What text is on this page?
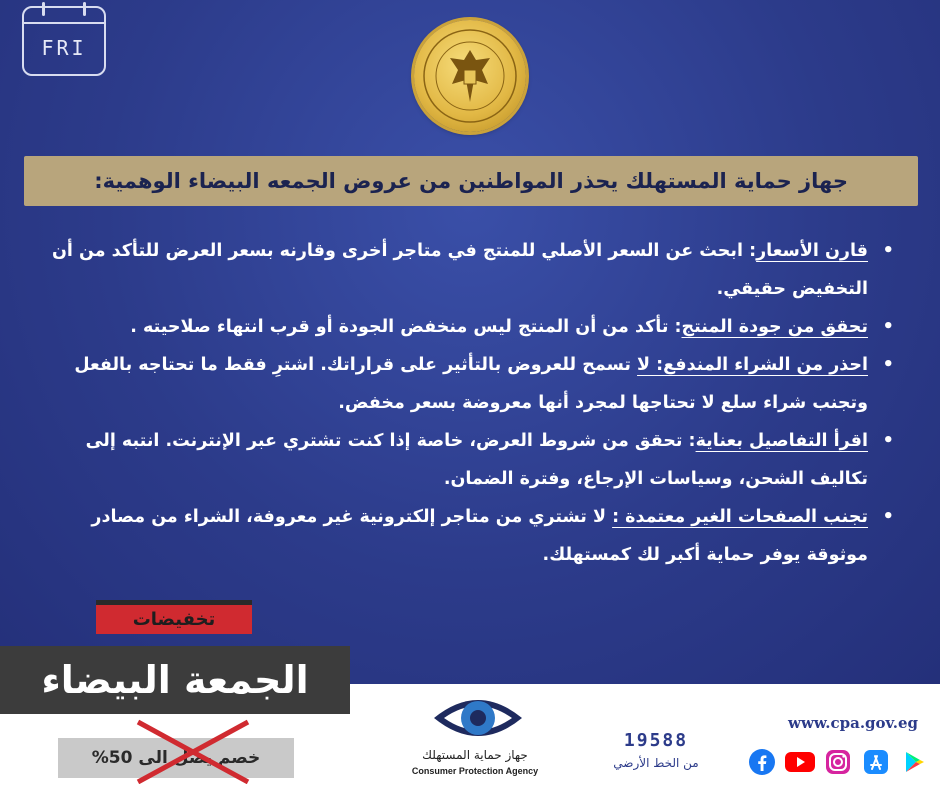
FRI
جهاز حماية المستهلك يحذر المواطنين من عروض الجمعه البيضاء الوهمية:
• قارن الأسعار: ابحث عن السعر الأصلي للمنتج في متاجر أخرى وقارنه بسعر العرض للتأكد من أن التخفيض حقيقي.
• تحقق من جودة المنتج: تأكد من أن المنتج ليس منخفض الجودة أو قرب انتهاء صلاحيته .
• احذر من الشراء المندفع: لا تسمح للعروض بالتأثير على قراراتك. اشترِ فقط ما تحتاجه بالفعل وتجنب شراء سلع لا تحتاجها لمجرد أنها معروضة بسعر مخفض.
• اقرأ التفاصيل بعناية: تحقق من شروط العرض، خاصة إذا كنت تشتري عبر الإنترنت. انتبه إلى تكاليف الشحن، وسياسات الإرجاع، وفترة الضمان.
• تجنب الصفحات الغير معتمدة : لا تشتري من متاجر إلكترونية غير معروفة، الشراء من مصادر موثوقة يوفر حماية أكبر لك كمستهلك.
تخفيضات
الجمعة البيضاء
خصم يصل الى 50%	جهاز حماية المستهلك
Consumer Protection Agency
19588
من الخط الأرضي
www.cpa.gov.eg
